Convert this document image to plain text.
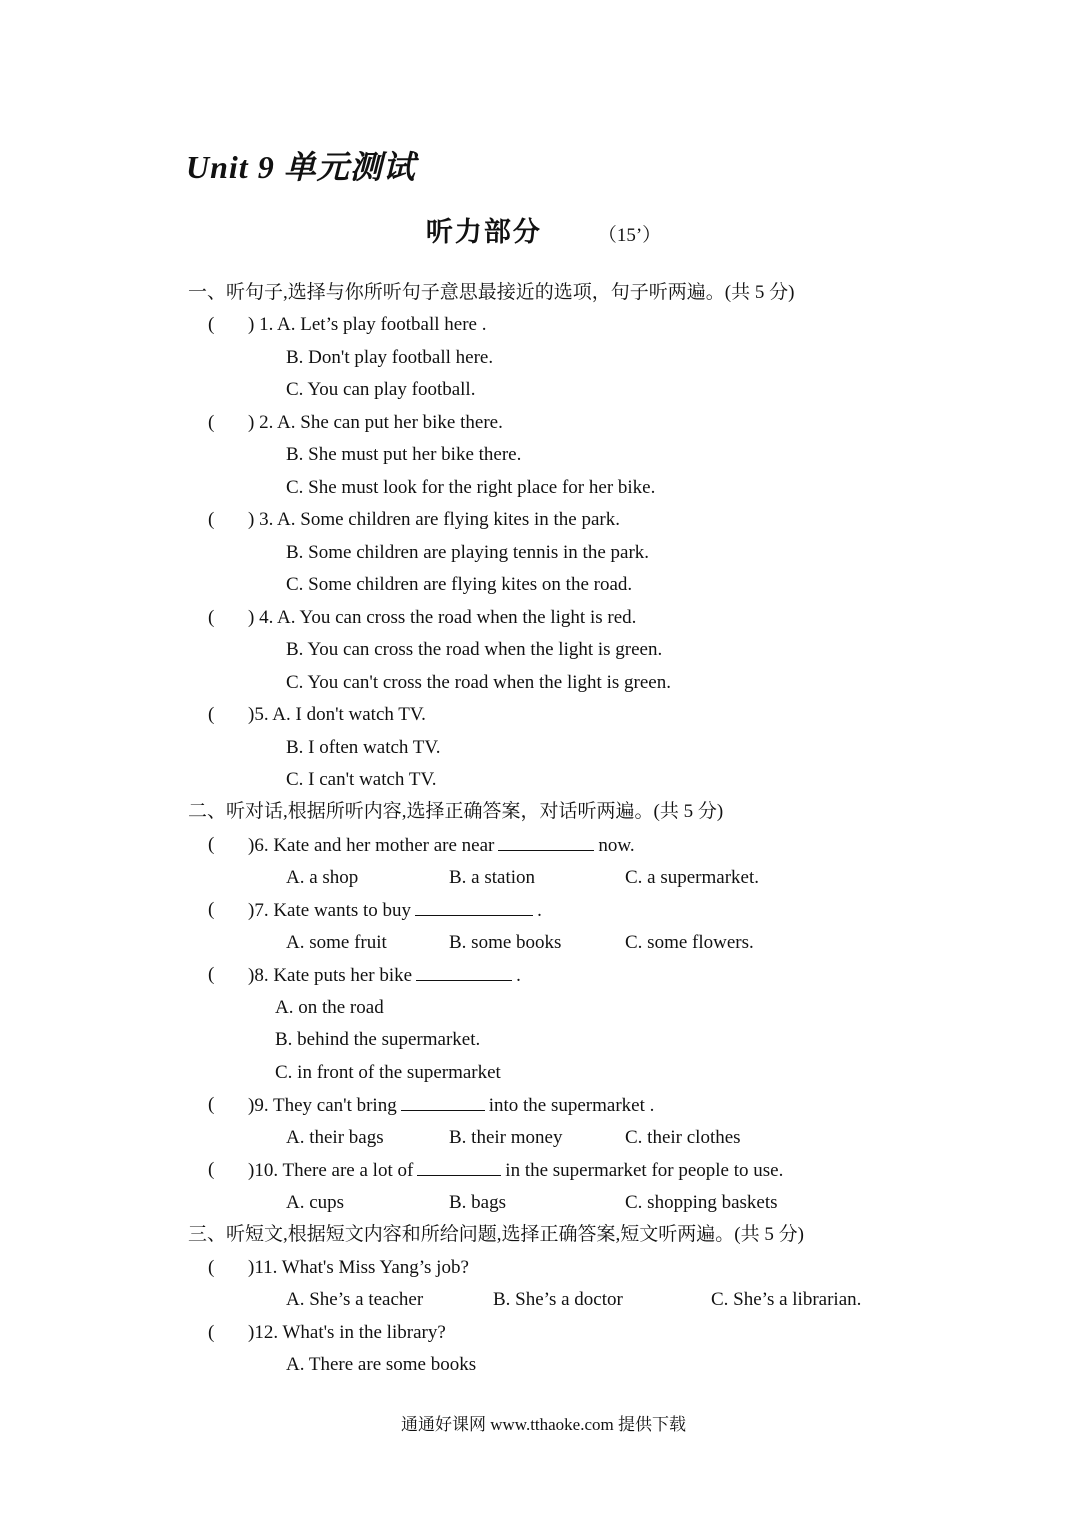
Unit 9 单元测试
听力部分	（15’）
一、听句子,选择与你所听句子意思最接近的选项，句子听两遍。(共 5 分)
( ) 1. A. Let’s play football here .
B. Don't play football here.
C. You can play football.
( ) 2. A. She can put her bike there.
B. She must put her bike there.
C. She must look for the right place for her bike.
( ) 3. A. Some children are flying kites in the park.
B. Some children are playing tennis in the park.
C. Some children are flying kites on the road.
( ) 4. A. You can cross the road when the light is red.
B. You can cross the road when the light is green.
C. You can't cross the road when the light is green.
( )5. A. I don't watch TV.
B. I often watch TV.
C. I can't watch TV.
二、听对话,根据所听内容,选择正确答案，对话听两遍。(共 5 分)
( )6. Kate and her mother are near	now.
A. a shop	B. a station	C. a supermarket.
( )7. Kate wants to buy	.
A. some fruit	B. some books	C. some flowers.
( )8. Kate puts her bike	.
A. on the road
B. behind the supermarket.
C. in front of the supermarket
( )9. They can't bring	into the supermarket .
A. their bags	B. their money	C. their clothes
( )10. There are a lot of	in the supermarket for people to use.
A. cups	B. bags	C. shopping baskets
三、听短文,根据短文内容和所给问题,选择正确答案,短文听两遍。(共 5 分)
( )11. What's Miss Yang’s job?
A. She’s a teacher	B. She’s a doctor	C. She’s a librarian.
( )12. What's in the library?
A. There are some books
通通好课网 www.tthaoke.com 提供下载
